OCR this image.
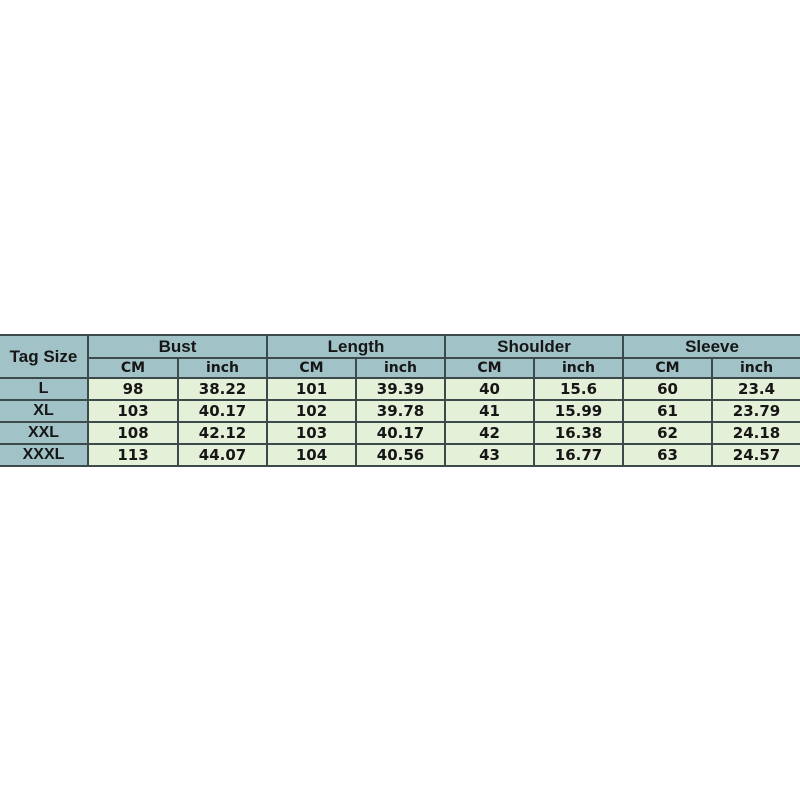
Tag Size	Bust		Length		Shoulder		Sleeve	
	CM	inch	CM	inch	CM	inch	CM	inch
L	98	38.22	101	39.39	40	15.6	60	23.4
XL	103	40.17	102	39.78	41	15.99	61	23.79
XXL	108	42.12	103	40.17	42	16.38	62	24.18
XXXL	113	44.07	104	40.56	43	16.77	63	24.57
